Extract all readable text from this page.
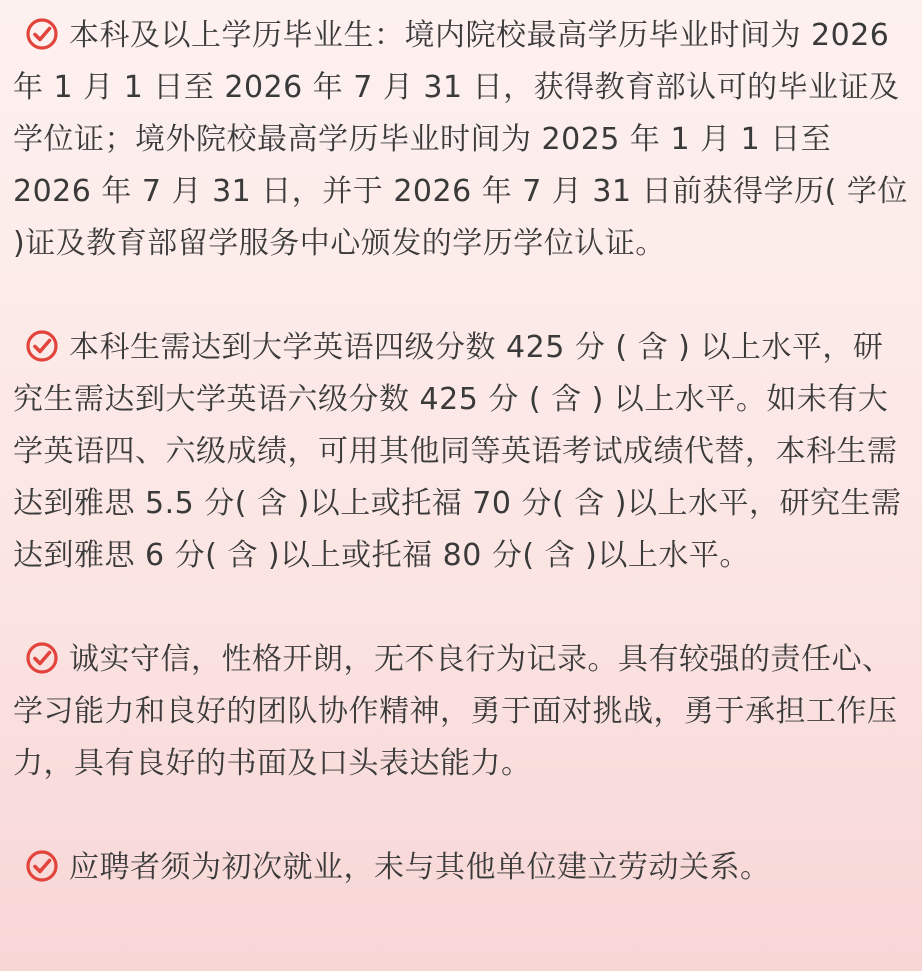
本科及以上学历毕业生：境内院校最高学历毕业时间为 2026 年 1 月 1 日至 2026 年 7 月 31 日，获得教育部认可的毕业证及学位证；境外院校最高学历毕业时间为 2025 年 1 月 1 日至 2026 年 7 月 31 日，并于 2026 年 7 月 31 日前获得学历( 学位 )证及教育部留学服务中心颁发的学历学位认证。
本科生需达到大学英语四级分数 425 分 ( 含 ) 以上水平，研究生需达到大学英语六级分数 425 分 ( 含 ) 以上水平。如未有大学英语四、六级成绩，可用其他同等英语考试成绩代替，本科生需达到雅思 5.5 分( 含 )以上或托福 70 分( 含 )以上水平，研究生需达到雅思 6 分( 含 )以上或托福 80 分( 含 )以上水平。
诚实守信，性格开朗，无不良行为记录。具有较强的责任心、学习能力和良好的团队协作精神，勇于面对挑战，勇于承担工作压力，具有良好的书面及口头表达能力。
应聘者须为初次就业，未与其他单位建立劳动关系。
